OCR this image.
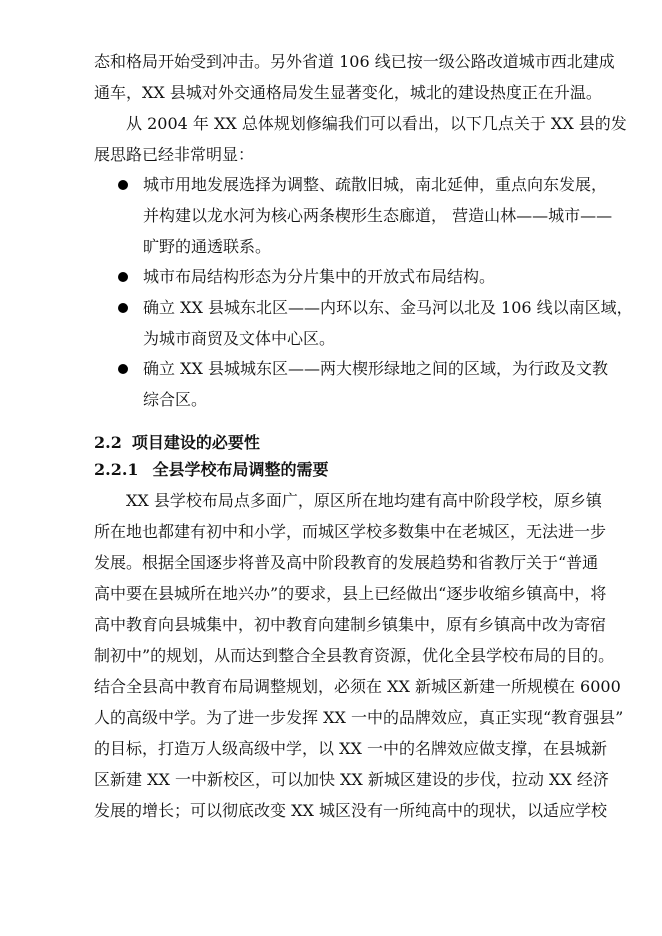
态和格局开始受到冲击。另外省道 106 线已按一级公路改道城市西北建成
通车，XX 县城对外交通格局发生显著变化，城北的建设热度正在升温。
从 2004 年 XX 总体规划修编我们可以看出，以下几点关于 XX 县的发
展思路已经非常明显：
城市用地发展选择为调整、疏散旧城，南北延伸，重点向东发展，
并构建以龙水河为核心两条楔形生态廊道， 营造山林——城市——
旷野的通透联系。
城市布局结构形态为分片集中的开放式布局结构。
确立 XX 县城东北区——内环以东、金马河以北及 106 线以南区域，
为城市商贸及文体中心区。
确立 XX 县城城东区——两大楔形绿地之间的区域，为行政及文教
综合区。
2.2 项目建设的必要性
2.2.1 全县学校布局调整的需要
XX 县学校布局点多面广，原区所在地均建有高中阶段学校，原乡镇
所在地也都建有初中和小学，而城区学校多数集中在老城区，无法进一步
发展。根据全国逐步将普及高中阶段教育的发展趋势和省教厅关于“普通
高中要在县城所在地兴办”的要求，县上已经做出“逐步收缩乡镇高中，将
高中教育向县城集中，初中教育向建制乡镇集中，原有乡镇高中改为寄宿
制初中”的规划，从而达到整合全县教育资源，优化全县学校布局的目的。
结合全县高中教育布局调整规划，必须在 XX 新城区新建一所规模在 6000
人的高级中学。为了进一步发挥 XX 一中的品牌效应，真正实现“教育强县”
的目标，打造万人级高级中学，以 XX 一中的名牌效应做支撑，在县城新
区新建 XX 一中新校区，可以加快 XX 新城区建设的步伐，拉动 XX 经济
发展的增长；可以彻底改变 XX 城区没有一所纯高中的现状，以适应学校
